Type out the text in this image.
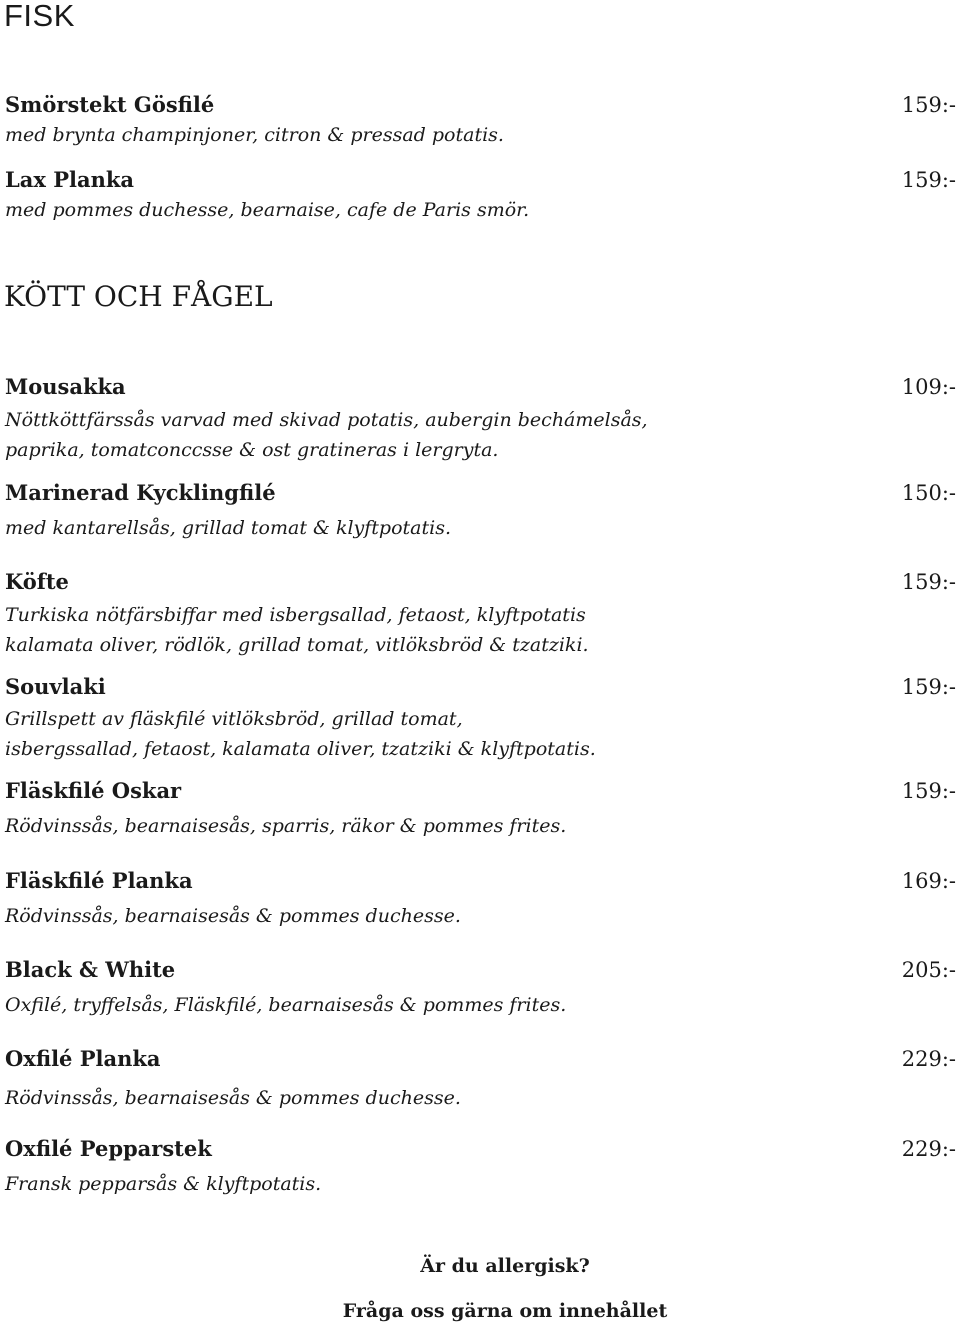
FISK
Smörstekt Gösfilé	159:-
med brynta champinjoner, citron & pressad potatis.
Lax Planka	159:-
med pommes duchesse, bearnaise, cafe de Paris smör.
KÖTT OCH FÅGEL
Mousakka	109:-
Nöttköttfärssås varvad med skivad potatis, aubergin bechámelsås,
paprika, tomatconccsse & ost gratineras i lergryta.
Marinerad Kycklingfilé	150:-
med kantarellsås, grillad tomat & klyftpotatis.
Köfte	159:-
Turkiska nötfärsbiffar med isbergsallad, fetaost, klyftpotatis
kalamata oliver, rödlök, grillad tomat, vitlöksbröd & tzatziki.
Souvlaki	159:-
Grillspett av fläskfilé vitlöksbröd, grillad tomat,
isbergssallad, fetaost, kalamata oliver, tzatziki & klyftpotatis.
Fläskfilé Oskar	159:-
Rödvinssås, bearnaisesås, sparris, räkor & pommes frites.
Fläskfilé Planka	169:-
Rödvinssås, bearnaisesås & pommes duchesse.
Black & White	205:-
Oxfilé, tryffelsås, Fläskfilé, bearnaisesås & pommes frites.
Oxfilé Planka	229:-
Rödvinssås, bearnaisesås & pommes duchesse.
Oxfilé Pepparstek	229:-
Fransk pepparsås & klyftpotatis.
Är du allergisk?
Fråga oss gärna om innehållet
